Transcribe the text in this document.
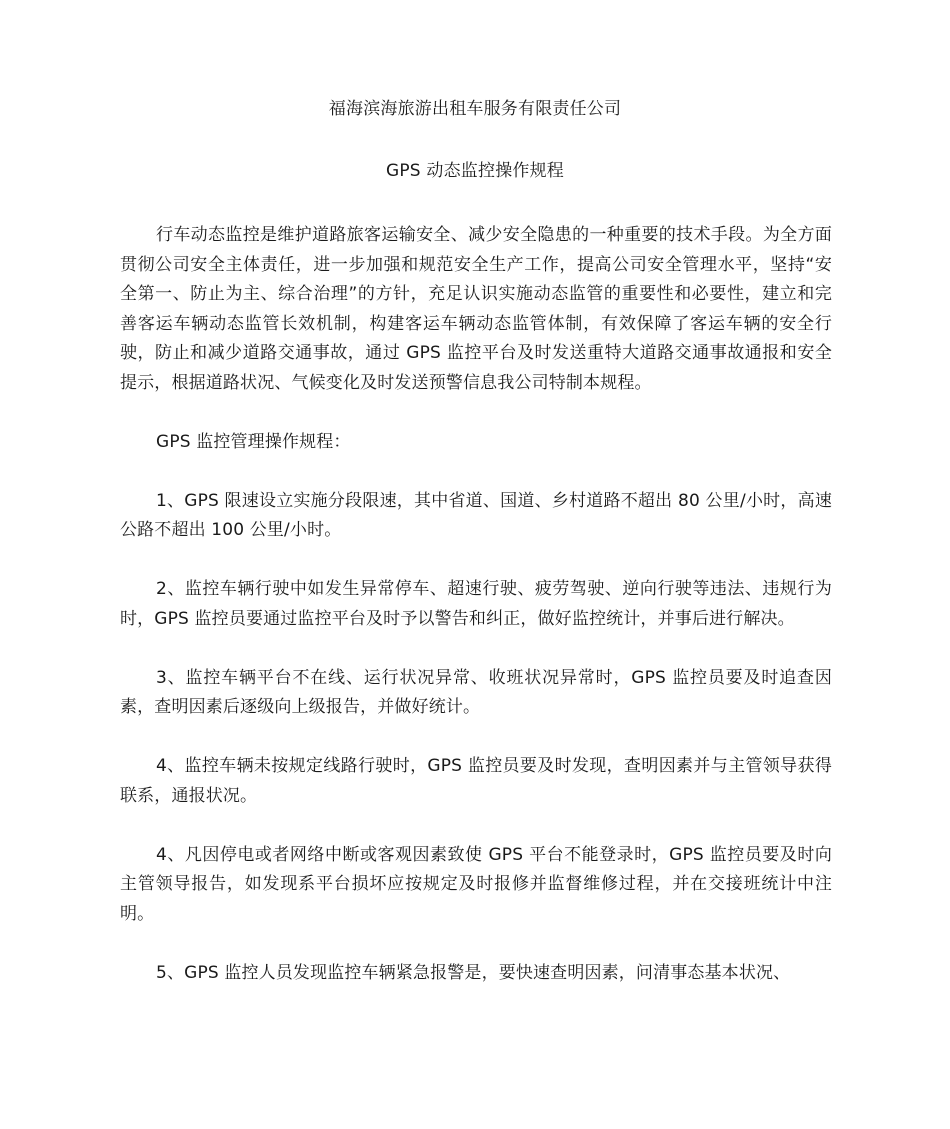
福海滨海旅游出租车服务有限责任公司
GPS 动态监控操作规程

行车动态监控是维护道路旅客运输安全、减少安全隐患的一种重要的技术手段。为全方面贯彻公司安全主体责任，进一步加强和规范安全生产工作，提高公司安全管理水平，坚持“安全第一、防止为主、综合治理”的方针，充足认识实施动态监管的重要性和必要性，建立和完善客运车辆动态监管长效机制，构建客运车辆动态监管体制，有效保障了客运车辆的安全行驶，防止和减少道路交通事故，通过 GPS 监控平台及时发送重特大道路交通事故通报和安全提示，根据道路状况、气候变化及时发送预警信息我公司特制本规程。

GPS 监控管理操作规程：

1、GPS 限速设立实施分段限速，其中省道、国道、乡村道路不超出 80 公里/小时，高速公路不超出 100 公里/小时。

2、监控车辆行驶中如发生异常停车、超速行驶、疲劳驾驶、逆向行驶等违法、违规行为时，GPS 监控员要通过监控平台及时予以警告和纠正，做好监控统计，并事后进行解决。

3、监控车辆平台不在线、运行状况异常、收班状况异常时，GPS 监控员要及时追查因素，查明因素后逐级向上级报告，并做好统计。

4、监控车辆未按规定线路行驶时，GPS 监控员要及时发现，查明因素并与主管领导获得联系，通报状况。

4、凡因停电或者网络中断或客观因素致使 GPS 平台不能登录时，GPS 监控员要及时向主管领导报告，如发现系平台损坏应按规定及时报修并监督维修过程，并在交接班统计中注明。

5、GPS 监控人员发现监控车辆紧急报警是，要快速查明因素，问清事态基本状况、
